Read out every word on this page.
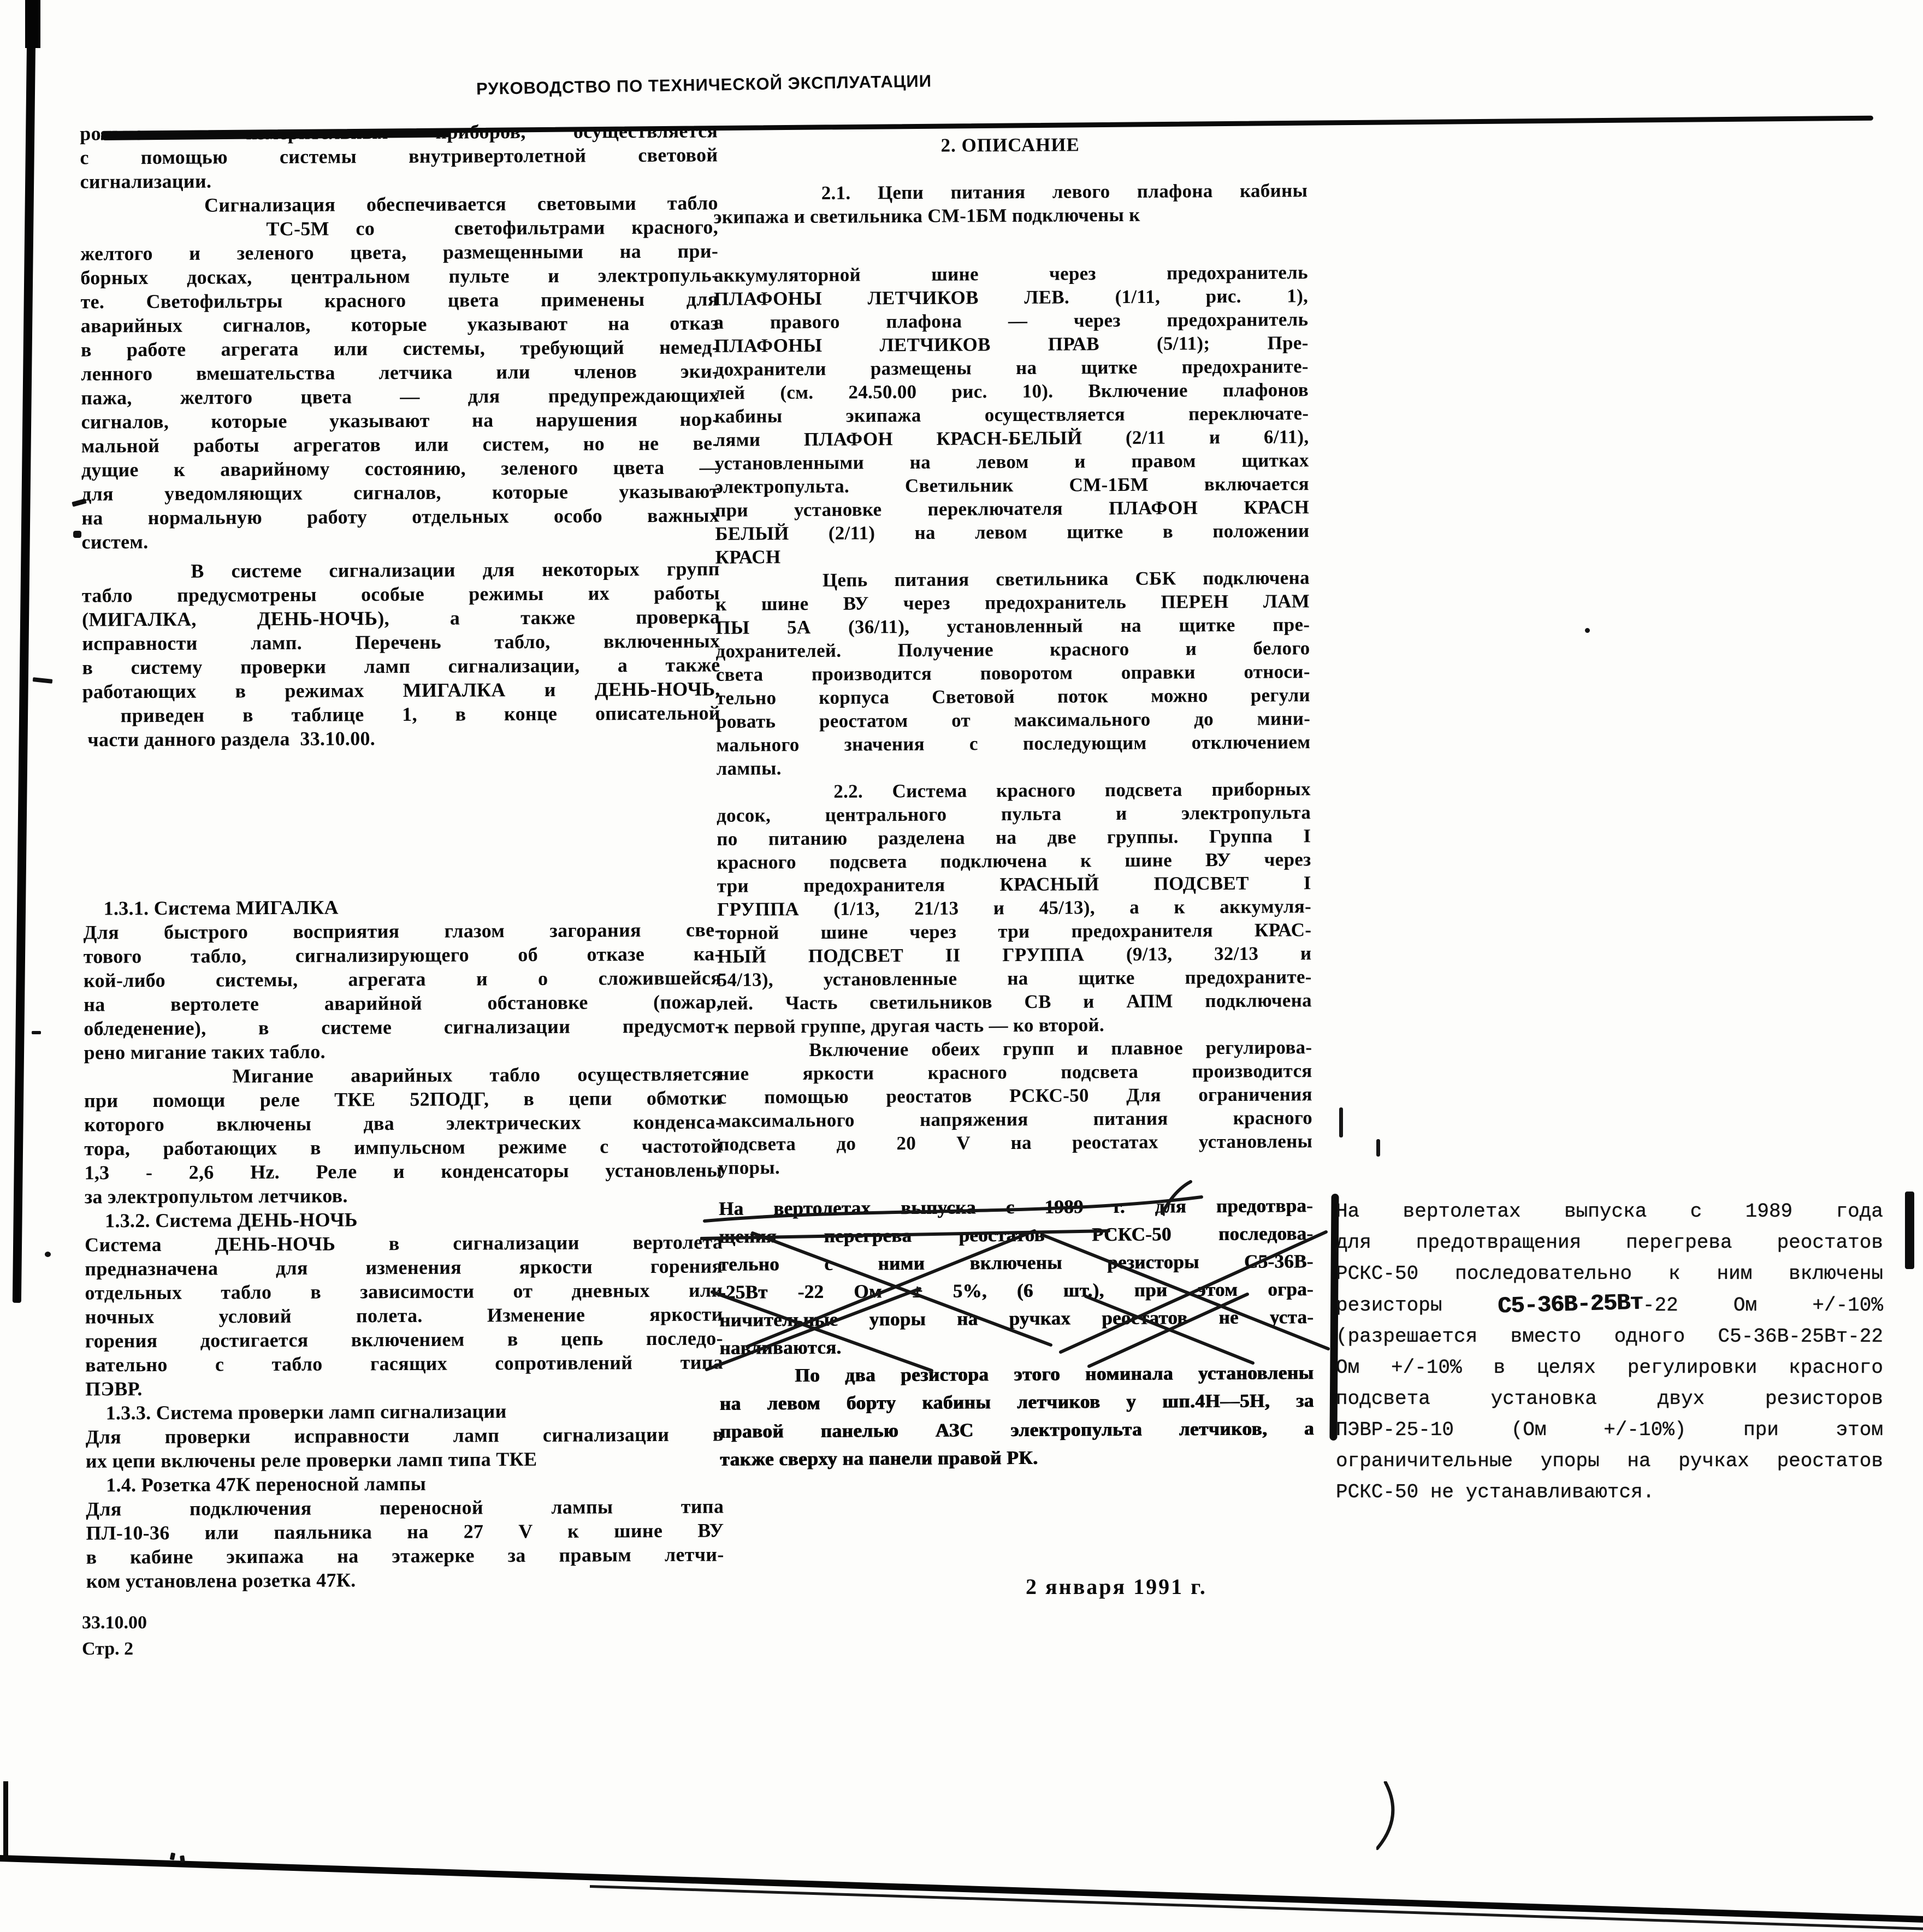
РУКОВОДСТВО ПО ТЕХНИЧЕСКОЙ ЭКСПЛУАТАЦИИ
рольно - измерительных приборов, осуществляется
с помощью системы внутривертолетной световой
сигнализации.
Сигнализация обеспечивается световыми табло
ТС-5М со   светофильтрами красного,
желтого и зеленого цвета, размещенными на при-
борных досках, центральном пульте и электропуль-
те. Светофильтры красного цвета применены для
аварийных сигналов, которые указывают на отказ
в работе агрегата или системы, требующий немед-
ленного вмешательства летчика или членов эки-
пажа, желтого цвета — для предупреждающих
сигналов, которые указывают на нарушения нор-
мальной работы агрегатов или систем, но не ве-
дущие к аварийному состоянию, зеленого цвета —
для уведомляющих сигналов, которые указывают
на нормальную работу отдельных особо важных
систем.
В системе сигнализации для некоторых групп
табло предусмотрены особые режимы их работы
(МИГАЛКА, ДЕНЬ-НОЧЬ), а также проверка
исправности ламп. Перечень табло, включенных
в систему проверки ламп сигнализации, а также
работающих в режимах МИГАЛКА и ДЕНЬ-НОЧЬ,
приведен в таблице 1, в конце описательной
части данного раздела  33.10.00.
1.3.1. Система МИГАЛКА
Для быстрого восприятия глазом загорания све-
тового табло, сигнализирующего об отказе ка-
кой-либо системы, агрегата и о сложившейся
на вертолете аварийной обстановке (пожар,
обледенение), в системе сигнализации предусмот-
рено мигание таких табло.
Мигание аварийных табло осуществляется
при помощи реле ТКЕ 52ПОДГ, в цепи обмотки
которого включены два электрических конденса-
тора, работающих в импульсном режиме с частотой
1,3 - 2,6 Hz. Реле и конденсаторы установлены
за электропультом летчиков.
1.3.2. Система ДЕНЬ-НОЧЬ
Система ДЕНЬ-НОЧЬ в сигнализации вертолета
предназначена для изменения яркости горения
отдельных табло в зависимости от дневных или
ночных условий полета. Изменение яркости
горения достигается включением в цепь последо-
вательно с табло гасящих сопротивлений типа
ПЭВР.
1.3.3. Система проверки ламп сигнализации
Для проверки исправности ламп сигнализации в
их цепи включены реле проверки ламп типа ТКЕ
1.4. Розетка 47К переносной лампы
Для подключения переносной лампы типа
ПЛ-10-36 или паяльника на 27 V к шине ВУ
в кабине экипажа на этажерке за правым летчи-
ком установлена розетка 47К.
2. ОПИСАНИЕ
2.1. Цепи питания левого плафона кабины
экипажа и светильника СМ-1БМ подключены к
аккумуляторной шине через предохранитель
ПЛАФОНЫ ЛЕТЧИКОВ ЛЕВ. (1/11, рис. 1),
а правого плафона — через предохранитель
ПЛАФОНЫ ЛЕТЧИКОВ ПРАВ (5/11); Пре-
дохранители размещены на щитке предохраните-
лей (см. 24.50.00 рис. 10). Включение плафонов
кабины экипажа осуществляется переключате-
лями ПЛАФОН КРАСН-БЕЛЫЙ (2/11 и 6/11),
установленными на левом и правом щитках
электропульта. Светильник СМ-1БМ включается
при установке переключателя ПЛАФОН КРАСН
БЕЛЫЙ (2/11) на левом щитке в положении
КРАСН
Цепь питания светильника СБК подключена
к шине ВУ через предохранитель ПЕРЕН ЛАМ
ПЫ 5А (36/11), установленный на щитке пре-
дохранителей. Получение красного и белого
света производится поворотом оправки относи-
тельно корпуса Световой поток можно регули
ровать реостатом от максимального до мини-
мального значения с последующим отключением
лампы.
2.2. Система красного подсвета приборных
досок, центрального пульта и электропульта
по питанию разделена на две группы. Группа I
красного подсвета подключена к шине ВУ через
три предохранителя КРАСНЫЙ ПОДСВЕТ I
ГРУППА (1/13, 21/13 и 45/13), а к аккумуля-
торной шине через три предохранителя КРАС-
НЫЙ ПОДСВЕТ II ГРУППА (9/13, 32/13 и
54/13), установленные на щитке предохраните-
лей. Часть светильников СВ и АПМ подключена
к первой группе, другая часть — ко второй.
Включение обеих групп и плавное регулирова-
ние яркости красного подсвета производится
с помощью реостатов РСКС-50 Для ограничения
максимального напряжения питания красного
подсвета до 20 V на реостатах установлены
упоры.
На вертолетах выпуска с 1989 г. для предотвра-
щения перегрева реостатов РСКС-50 последова-
тельно с ними включены резисторы С5-36В-
-25Вт -22 Ом ± 5%, (6 шт.), при этом огра-
ничительные упоры на ручках реостатов не уста-
навливаются.
По два резистора этого номинала установлены
на левом борту кабины летчиков у шп.4Н—5Н, за
правой панелью АЗС электропульта летчиков, а
также сверху на панели правой РК.
На вертолетах выпуска с 1989 года
для предотвращения перегрева реостатов
РСКС-50 последовательно к ним включены
резисторы С5-36В-25Вт-22 Ом +/-10%
(разрешается вместо одного С5-36В-25Вт-22
Ом +/-10% в целях регулировки красного
подсвета установка двух резисторов
ПЭВР-25-10 (Ом +/-10%) при этом
ограничительные упоры на ручках реостатов
РСКС-50 не устанавливаются.
2 января 1991 г.
33.10.00
Стр. 2
